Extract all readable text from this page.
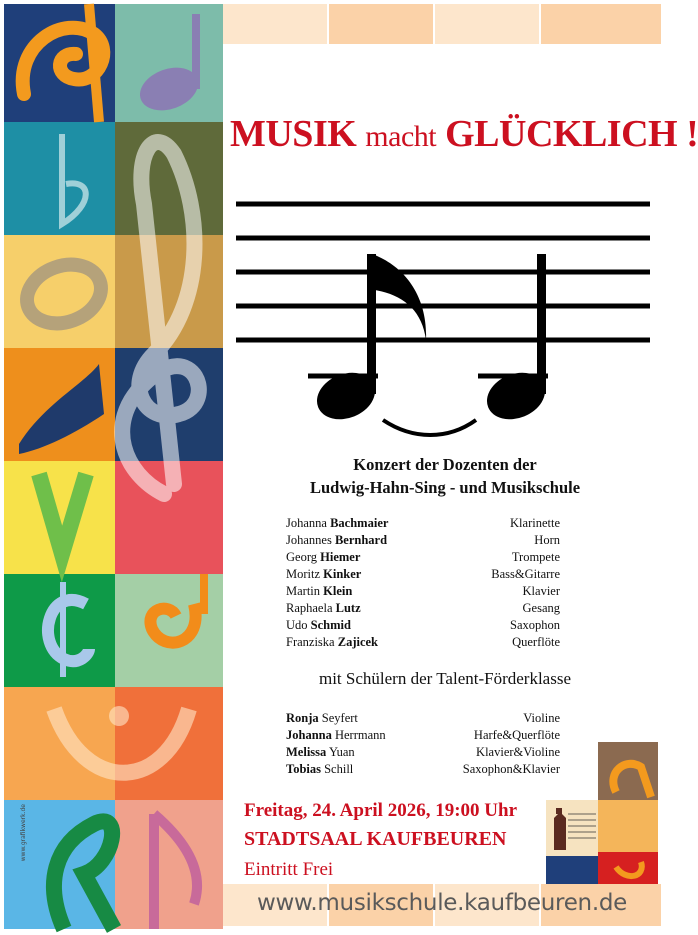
www.grafikwerk.de
MUSIK macht GLÜCKLICH !
Konzert der Dozenten der
Ludwig-Hahn-Sing - und Musikschule
Johanna Bachmaier	Klarinette
Johannes Bernhard	Horn
Georg Hiemer	Trompete
Moritz Kinker	Bass&Gitarre
Martin Klein	Klavier
Raphaela Lutz	Gesang
Udo Schmid	Saxophon
Franziska Zajicek	Querflöte
mit Schülern der Talent-Förderklasse
Ronja Seyfert	Violine
Johanna Herrmann	Harfe&Querflöte
Melissa Yuan	Klavier&Violine
Tobias Schill	Saxophon&Klavier
Freitag, 24. April 2026, 19:00 Uhr
STADTSAAL KAUFBEUREN
Eintritt Frei
www.musikschule.kaufbeuren.de
